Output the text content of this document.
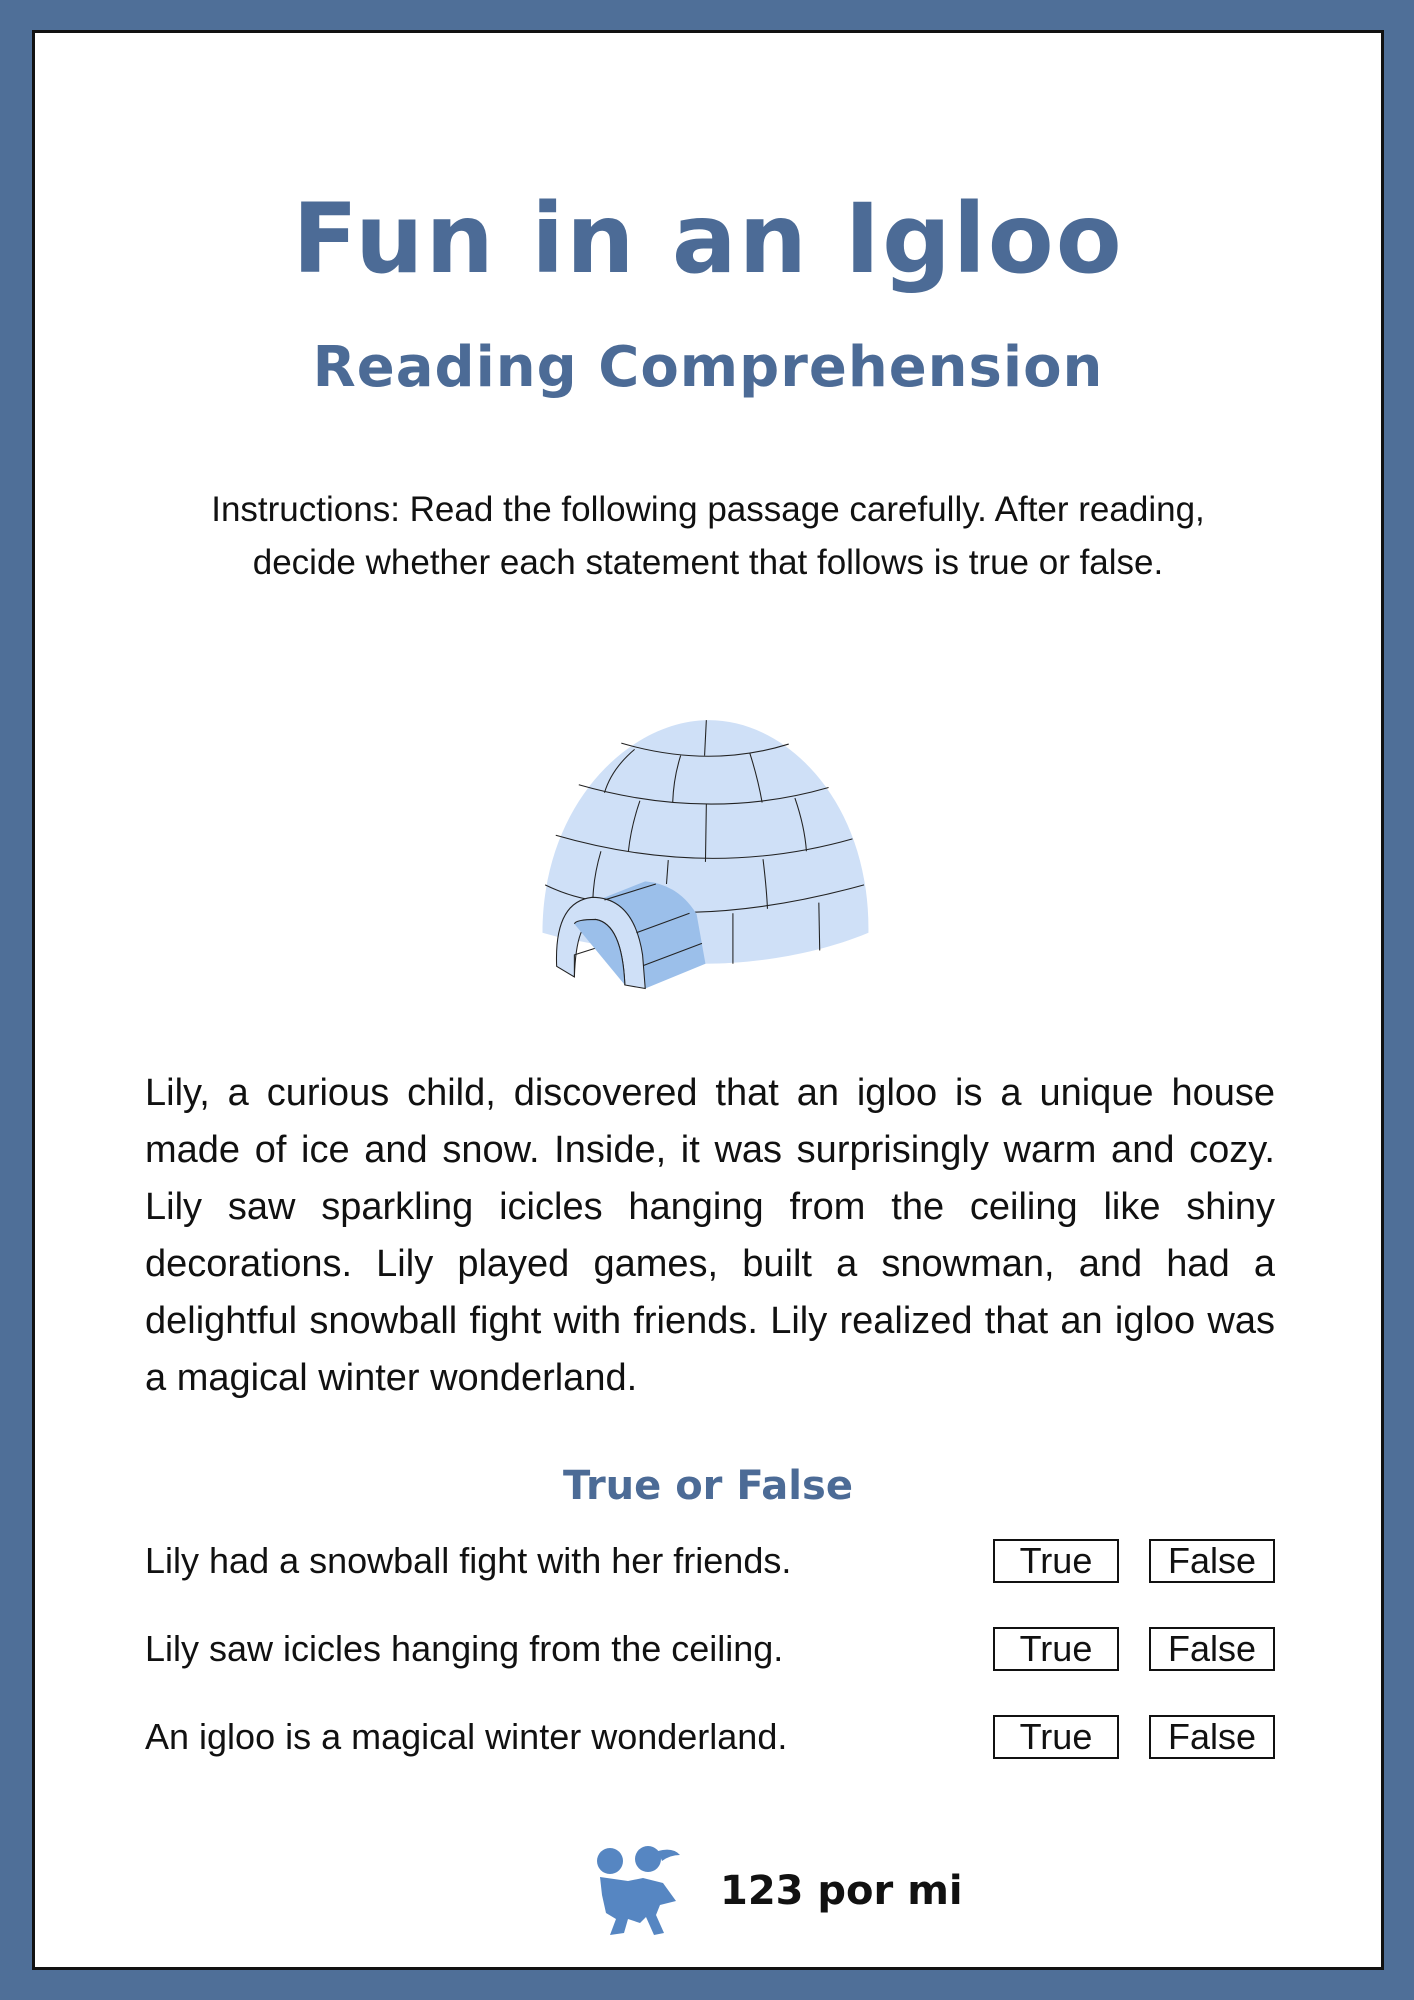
Fun in an Igloo
Reading Comprehension
Instructions: Read the following passage carefully. After reading, decide whether each statement that follows is true or false.
Lily, a curious child, discovered that an igloo is a unique house made of ice and snow. Inside, it was surprisingly warm and cozy. Lily saw sparkling icicles hanging from the ceiling like shiny decorations. Lily played games, built a snowman, and had a delightful snowball fight with friends. Lily realized that an igloo was a magical winter wonderland.
True or False
Lily had a snowball fight with her friends.	True	False
Lily saw icicles hanging from the ceiling.	True	False
An igloo is a magical winter wonderland.	True	False
123 por mi
